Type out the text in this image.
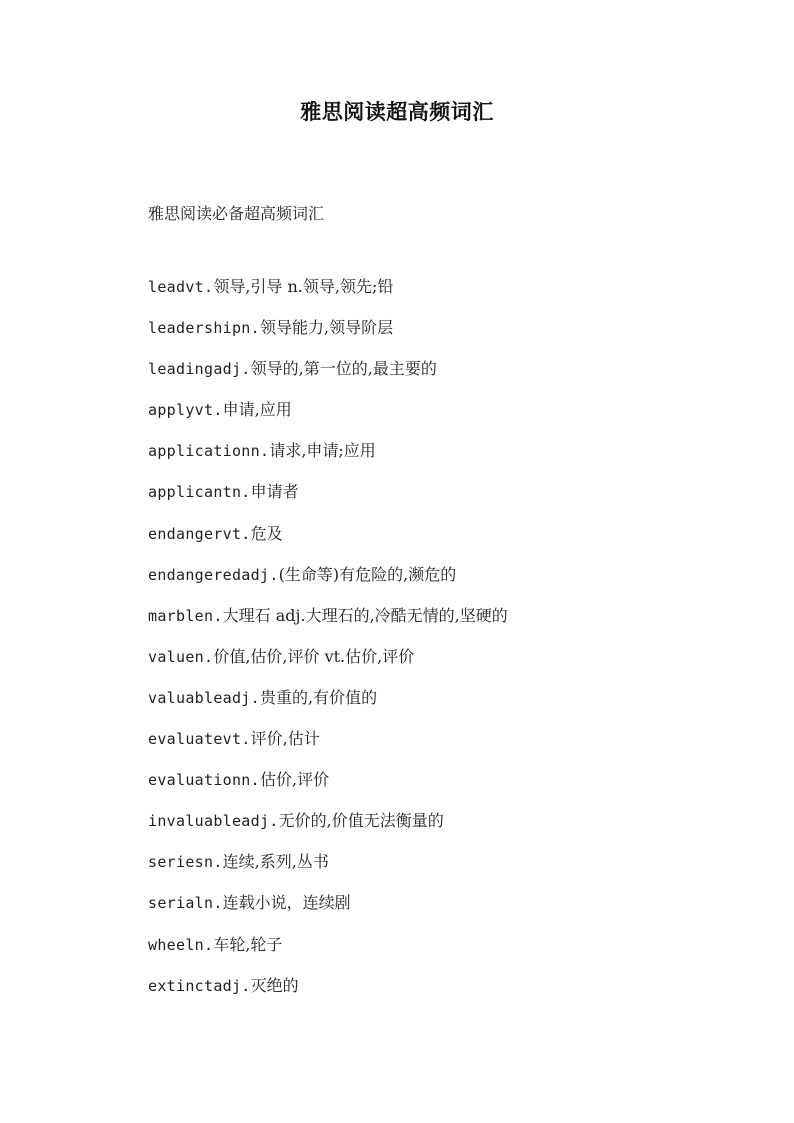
雅思阅读超高频词汇
雅思阅读必备超高频词汇
leadvt.领导,引导 n.领导,领先;铅
leadershipn.领导能力,领导阶层
leadingadj.领导的,第一位的,最主要的
applyvt.申请,应用
applicationn.请求,申请;应用
applicantn.申请者
endangervt.危及
endangeredadj.(生命等)有危险的,濒危的
marblen.大理石 adj.大理石的,冷酷无情的,坚硬的
valuen.价值,估价,评价 vt.估价,评价
valuableadj.贵重的,有价值的
evaluatevt.评价,估计
evaluationn.估价,评价
invaluableadj.无价的,价值无法衡量的
seriesn.连续,系列,丛书
serialn.连载小说，连续剧
wheeln.车轮,轮子
extinctadj.灭绝的
